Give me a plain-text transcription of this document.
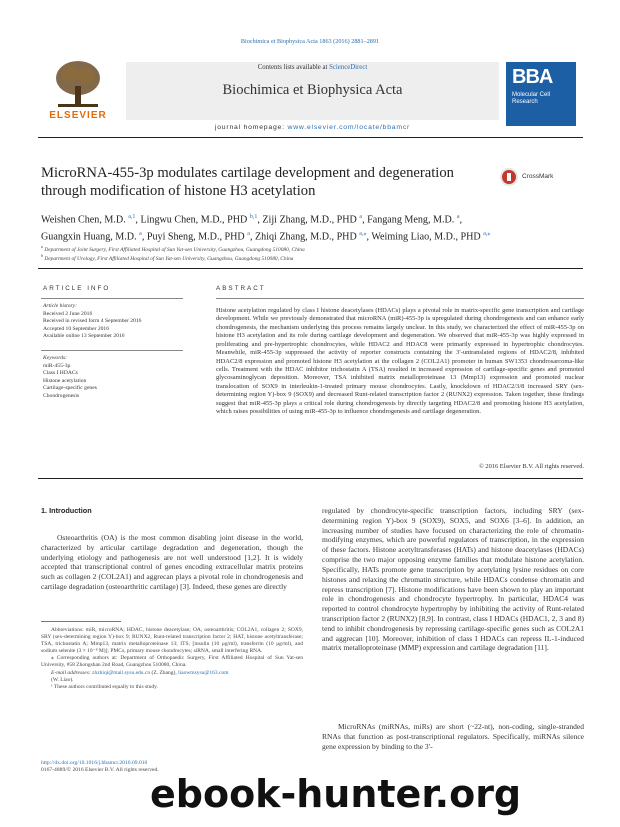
Biochimica et Biophysica Acta 1863 (2016) 2881–2891
ELSEVIER
Contents lists available at ScienceDirect
Biochimica et Biophysica Acta
journal homepage: www.elsevier.com/locate/bbamcr
BBA
Molecular Cell
Research
MicroRNA-455-3p modulates cartilage development and degeneration
through modification of histone H3 acetylation
CrossMark
Weishen Chen, M.D. $^{a,1}$, Lingwu Chen, M.D., PHD $^{b,1}$, Ziji Zhang, M.D., PHD $^a$, Fangang Meng, M.D. $^a$,
Guangxin Huang, M.D. $^a$, Puyi Sheng, M.D., PHD $^a$, Zhiqi Zhang, M.D., PHD $^{a,⁎}$, Weiming Liao, M.D., PHD $^{a,⁎}$
$^a$ Department of Joint Surgery, First Affiliated Hospital of Sun Yat-sen University, Guangzhou, Guangdong 510080, China
$^b$ Department of Urology, First Affiliated Hospital of Sun Yat-sen University, Guangzhou, Guangdong 510080, China
ARTICLE INFO
Article history:
Received 2 June 2016
Received in revised form 4 September 2016
Accepted 10 September 2016
Available online 13 September 2016
Keywords:
miR-455-3p
Class I HDACs
Histone acetylation
Cartilage-specific genes
Chondrogenesis
ABSTRACT
Histone acetylation regulated by class I histone deacetylases (HDACs) plays a pivotal role in matrix-specific gene transcription and cartilage development. While we previously demonstrated that microRNA (miR)-455-3p is upregulated during chondrogenesis and can enhance early chondrogenesis, the mechanism underlying this process remains largely unclear. In this study, we characterized the effect of miR-455-3p on histone H3 acetylation and its role during cartilage development and degeneration. We observed that miR-455-3p was highly expressed in proliferating and pre-hypertrophic chondrocytes, while HDAC2 and HDAC8 were primarily expressed in hypertrophic chondrocytes. Meanwhile, miR-455-3p suppressed the activity of reporter constructs containing the 3′-untranslated regions of HDAC2/8, inhibited HDAC2/8 expression and promoted histone H3 acetylation at the collagen 2 (COL2A1) promoter in human SW1353 chondrosarcoma-like cells. Treatment with the HDAC inhibitor trichostatin A (TSA) resulted in increased expression of cartilage-specific genes and promoted glycosaminoglycan deposition. Moreover, TSA inhibited matrix metalloproteinase 13 (Mmp13) expression and promoted nuclear translocation of SOX9 in interleukin-1-treated primary mouse chondrocytes. Lastly, knockdown of HDAC2/3/8 increased SRY (sex-determining region Y)-box 9 (SOX9) and decreased Runt-related transcription factor 2 (RUNX2) expression. Taken together, these findings suggest that miR-455-3p plays a critical role during chondrogenesis by directly targeting HDAC2/8 and promoting histone H3 acetylation, which raises possibilities of using miR-455-3p to influence chondrogenesis and cartilage degeneration.
© 2016 Elsevier B.V. All rights reserved.
1. Introduction
Osteoarthritis (OA) is the most common disabling joint disease in the world, characterized by articular cartilage degradation and degeneration, though the underlying etiology and pathogenesis are not well understood [1,2]. It is widely accepted that transcriptional control of genes encoding extracellular matrix proteins such as collagen 2 (COL2A1) and aggrecan plays a pivotal role in chondrogenesis and cartilage degradation (osteoarthritic cartilage) [3]. Indeed, these genes are directly
regulated by chondrocyte-specific transcription factors, including SRY (sex-determining region Y)-box 9 (SOX9), SOX5, and SOX6 [3–6]. In addition, an increasing number of studies have focused on characterizing the role of chromatin-modifying enzymes, which are powerful regulators of transcription, in the expression of these factors. Histone acetyltransferases (HATs) and histone deacetylases (HDACs) comprise the two major opposing enzyme families that modulate histone acetylation. Specifically, HATs promote gene transcription by acetylating lysine residues on core histones and relaxing the chromatin structure, while HDACs condense chromatin and repress transcription [7]. Histone modifications have been shown to play an important role in chondrogenesis and chondrocyte hypertrophy. In particular, HDAC4 was reported to control chondrocyte hypertrophy by inhibiting the activity of Runt-related transcription factor 2 (RUNX2) [8,9]. In contrast, class I HDACs (HDAC1, 2, 3 and 8) tend to inhibit chondrogenesis by repressing cartilage-specific genes such as COL2A1 and aggrecan [10]. Moreover, inhibition of class I HDACs can repress IL-1-induced matrix metalloproteinase (MMP) expression and cartilage degradation [11].
MicroRNAs (miRNAs, miRs) are short (~22-nt), non-coding, single-stranded RNAs that function as post-transcriptional regulators. Specifically, miRNAs silence gene expression by binding to the 3′-
Abbreviations: miR, microRNA; HDAC, histone deacetylase; OA, osteoarthritis; COL2A1, collagen 2; SOX9, SRY (sex-determining region Y)-box 9; RUNX2, Runt-related transcription factor 2; HAT, histone acetyltransferase; TSA, trichostatin A; Mmp13, matrix metalloproteinase 13; ITS, [insulin (10 μg/ml), transferrin (10 μg/ml), and sodium selenite (3 × 10⁻⁸ M)]; PMCs, primary mouse chondrocytes; siRNA, small interfering RNA.
⁎ Corresponding authors at: Department of Orthopaedic Surgery, First Affiliated Hospital of Sun Yat-sen University, #58 Zhongshan 2nd Road, Guangzhou 510080, China.
E-mail addresses: zhzhiqi@mail.sysu.edu.cn (Z. Zhang), liaowmsysu@163.com
(W. Liao).
¹ These authors contributed equally to this study.
http://dx.doi.org/10.1016/j.bbamcr.2016.09.010
0167-4889/© 2016 Elsevier B.V. All rights reserved.
ebook-hunter.org
